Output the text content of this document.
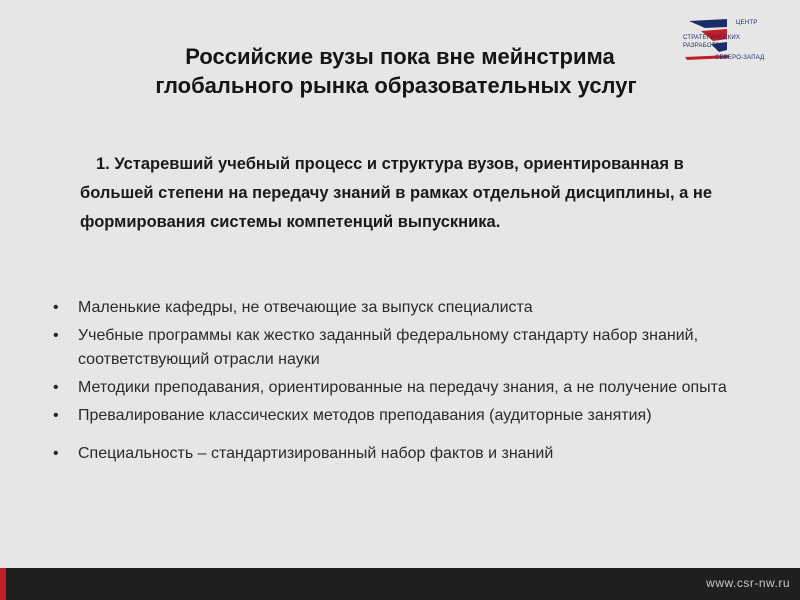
ЦЕНТР
СТРАТЕГИЧЕСКИХ
РАЗРАБОТОК
СЕВЕРО-ЗАПАД
Российские вузы пока вне мейнстрима
глобального рынка образовательных услуг
1. Устаревший учебный процесс и структура вузов, ориентированная в большей степени на передачу знаний в рамках отдельной дисциплины, а не формирования системы компетенций выпускника.
• Маленькие кафедры, не отвечающие за выпуск специалиста
• Учебные программы как жестко заданный федеральному стандарту набор знаний, соответствующий отрасли науки
• Методики преподавания, ориентированные на передачу знания, а не получение опыта
• Превалирование классических методов преподавания (аудиторные занятия)
• Специальность – стандартизированный набор фактов и знаний
www.csr-nw.ru
